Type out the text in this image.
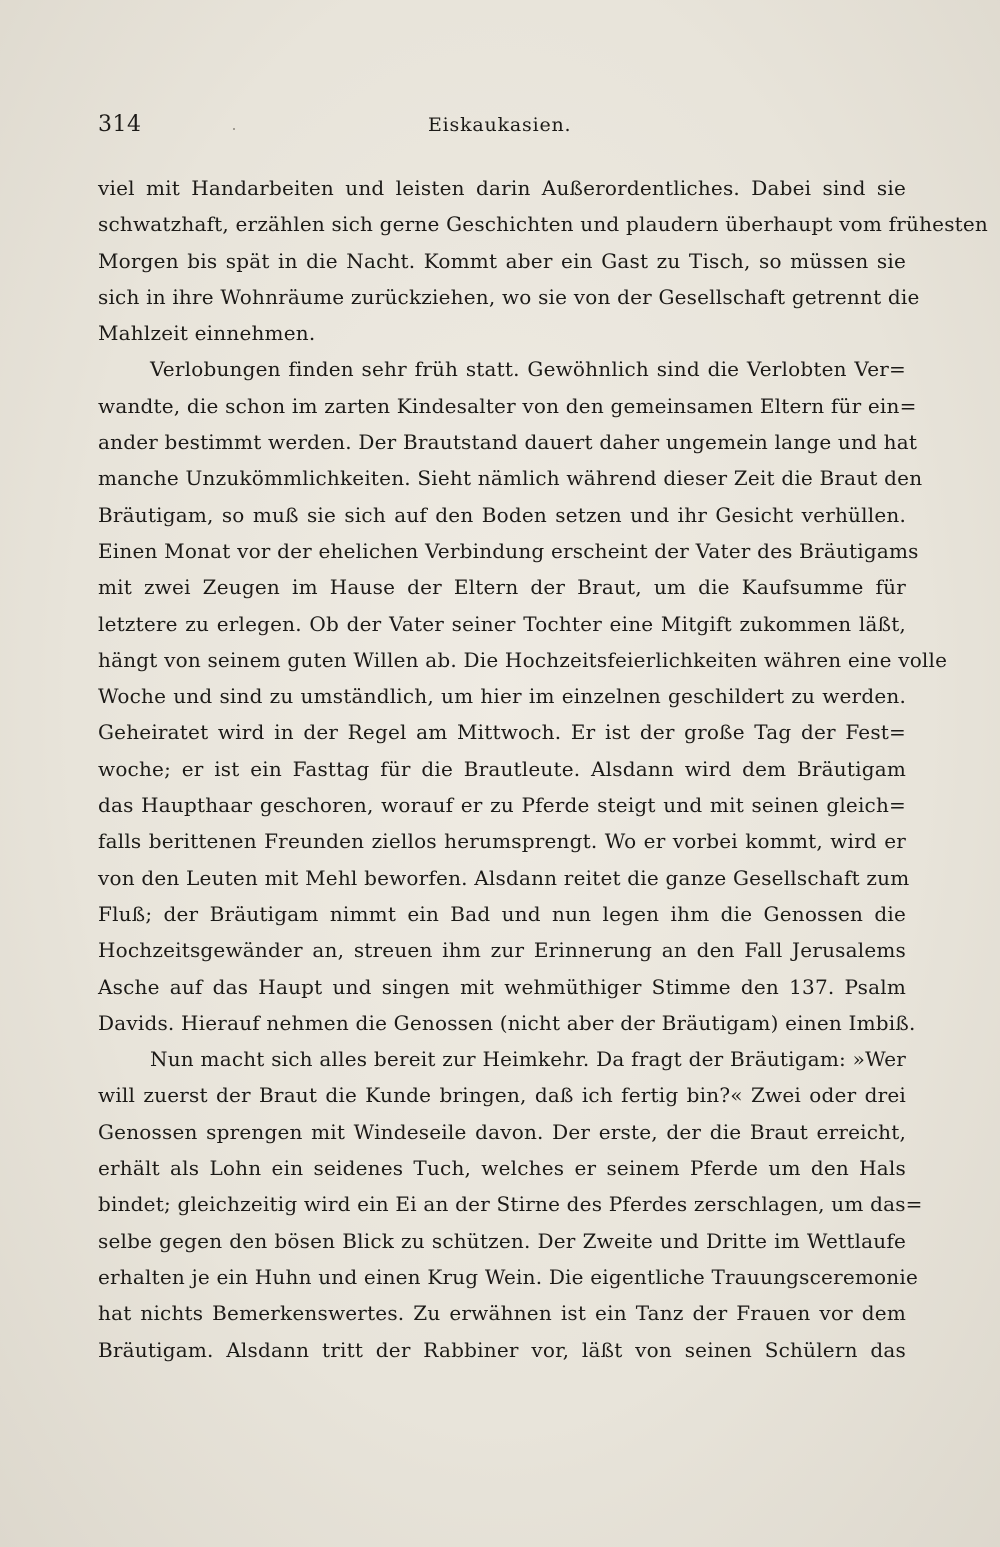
314	Eiskaukasien.
viel mit Handarbeiten und leisten darin Außerordentliches. Dabei sind sie
schwatzhaft, erzählen sich gerne Geschichten und plaudern überhaupt vom frühesten
Morgen bis spät in die Nacht. Kommt aber ein Gast zu Tisch, so müssen sie
sich in ihre Wohnräume zurückziehen, wo sie von der Gesellschaft getrennt die
Mahlzeit einnehmen.
Verlobungen finden sehr früh statt. Gewöhnlich sind die Verlobten Ver=
wandte, die schon im zarten Kindesalter von den gemeinsamen Eltern für ein=
ander bestimmt werden. Der Brautstand dauert daher ungemein lange und hat
manche Unzukömmlichkeiten. Sieht nämlich während dieser Zeit die Braut den
Bräutigam, so muß sie sich auf den Boden setzen und ihr Gesicht verhüllen.
Einen Monat vor der ehelichen Verbindung erscheint der Vater des Bräutigams
mit zwei Zeugen im Hause der Eltern der Braut, um die Kaufsumme für
letztere zu erlegen. Ob der Vater seiner Tochter eine Mitgift zukommen läßt,
hängt von seinem guten Willen ab. Die Hochzeitsfeierlichkeiten währen eine volle
Woche und sind zu umständlich, um hier im einzelnen geschildert zu werden.
Geheiratet wird in der Regel am Mittwoch. Er ist der große Tag der Fest=
woche; er ist ein Fasttag für die Brautleute. Alsdann wird dem Bräutigam
das Haupthaar geschoren, worauf er zu Pferde steigt und mit seinen gleich=
falls berittenen Freunden ziellos herumsprengt. Wo er vorbei kommt, wird er
von den Leuten mit Mehl beworfen. Alsdann reitet die ganze Gesellschaft zum
Fluß; der Bräutigam nimmt ein Bad und nun legen ihm die Genossen die
Hochzeitsgewänder an, streuen ihm zur Erinnerung an den Fall Jerusalems
Asche auf das Haupt und singen mit wehmüthiger Stimme den 137. Psalm
Davids. Hierauf nehmen die Genossen (nicht aber der Bräutigam) einen Imbiß.
Nun macht sich alles bereit zur Heimkehr. Da fragt der Bräutigam: »Wer
will zuerst der Braut die Kunde bringen, daß ich fertig bin?« Zwei oder drei
Genossen sprengen mit Windeseile davon. Der erste, der die Braut erreicht,
erhält als Lohn ein seidenes Tuch, welches er seinem Pferde um den Hals
bindet; gleichzeitig wird ein Ei an der Stirne des Pferdes zerschlagen, um das=
selbe gegen den bösen Blick zu schützen. Der Zweite und Dritte im Wettlaufe
erhalten je ein Huhn und einen Krug Wein. Die eigentliche Trauungsceremonie
hat nichts Bemerkenswertes. Zu erwähnen ist ein Tanz der Frauen vor dem
Bräutigam. Alsdann tritt der Rabbiner vor, läßt von seinen Schülern das
